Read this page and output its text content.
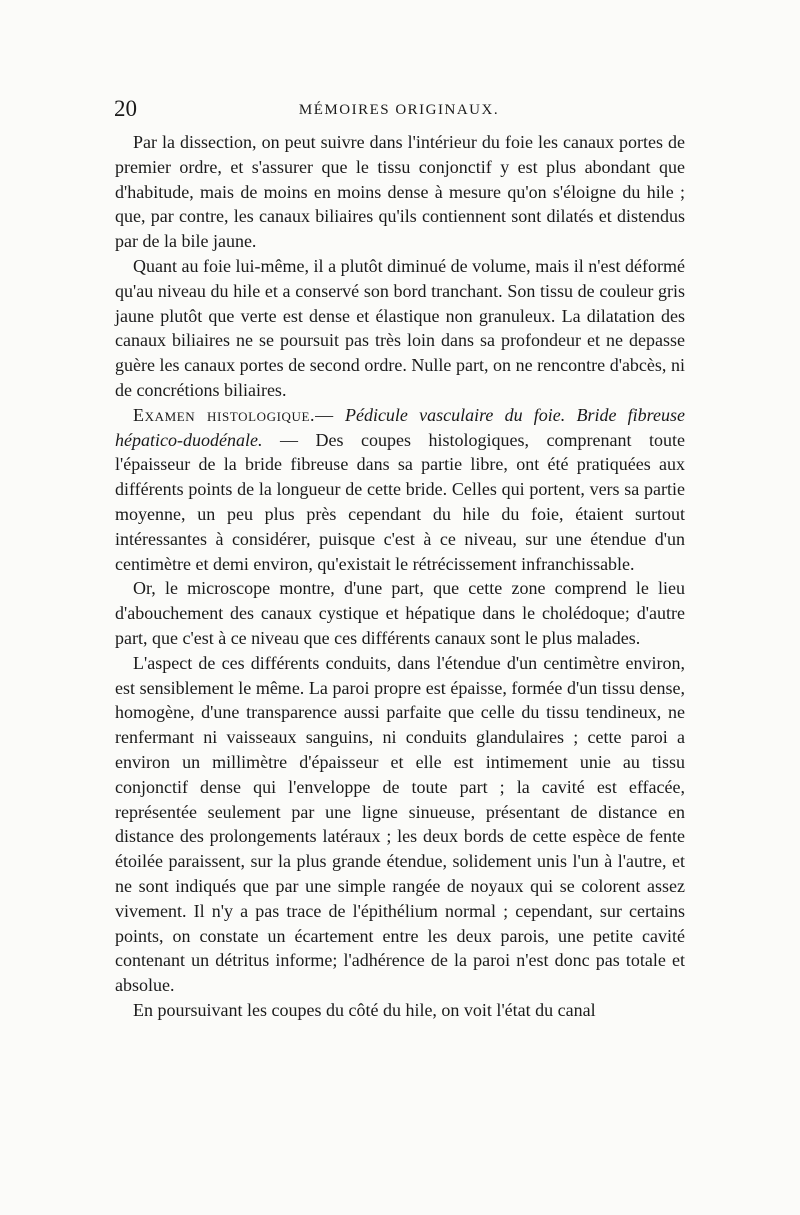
20	MÉMOIRES ORIGINAUX.

Par la dissection, on peut suivre dans l'intérieur du foie les canaux portes de premier ordre, et s'assurer que le tissu conjonctif y est plus abondant que d'habitude, mais de moins en moins dense à mesure qu'on s'éloigne du hile ; que, par contre, les canaux biliaires qu'ils contiennent sont dilatés et distendus par de la bile jaune.

Quant au foie lui-même, il a plutôt diminué de volume, mais il n'est déformé qu'au niveau du hile et a conservé son bord tranchant. Son tissu de couleur gris jaune plutôt que verte est dense et élastique non granuleux. La dilatation des canaux biliaires ne se poursuit pas très loin dans sa profondeur et ne depasse guère les canaux portes de second ordre. Nulle part, on ne rencontre d'abcès, ni de concrétions biliaires.

Examen histologique.— Pédicule vasculaire du foie. Bride fibreuse hépatico-duodénale. — Des coupes histologiques, comprenant toute l'épaisseur de la bride fibreuse dans sa partie libre, ont été pratiquées aux différents points de la longueur de cette bride. Celles qui portent, vers sa partie moyenne, un peu plus près cependant du hile du foie, étaient surtout intéressantes à considérer, puisque c'est à ce niveau, sur une étendue d'un centimètre et demi environ, qu'existait le rétrécissement infranchissable.

Or, le microscope montre, d'une part, que cette zone comprend le lieu d'abouchement des canaux cystique et hépatique dans le cholédoque; d'autre part, que c'est à ce niveau que ces différents canaux sont le plus malades.

L'aspect de ces différents conduits, dans l'étendue d'un centimètre environ, est sensiblement le même. La paroi propre est épaisse, formée d'un tissu dense, homogène, d'une transparence aussi parfaite que celle du tissu tendineux, ne renfermant ni vaisseaux sanguins, ni conduits glandulaires ; cette paroi a environ un millimètre d'épaisseur et elle est intimement unie au tissu conjonctif dense qui l'enveloppe de toute part ; la cavité est effacée, représentée seulement par une ligne sinueuse, présentant de distance en distance des prolongements latéraux ; les deux bords de cette espèce de fente étoilée paraissent, sur la plus grande étendue, solidement unis l'un à l'autre, et ne sont indiqués que par une simple rangée de noyaux qui se colorent assez vivement. Il n'y a pas trace de l'épithélium normal ; cependant, sur certains points, on constate un écartement entre les deux parois, une petite cavité contenant un détritus informe; l'adhérence de la paroi n'est donc pas totale et absolue.

En poursuivant les coupes du côté du hile, on voit l'état du canal
